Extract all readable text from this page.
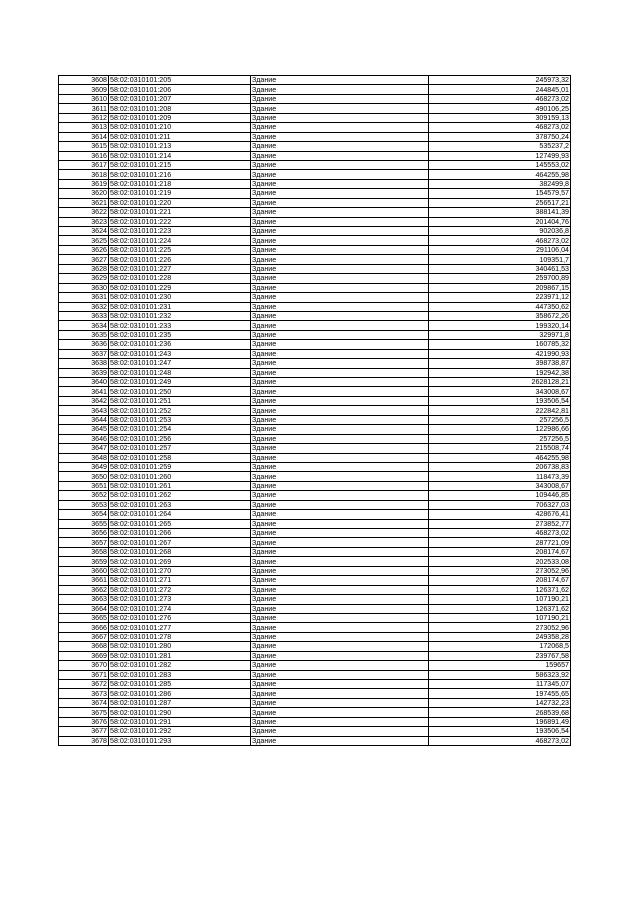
3608	58:02:0310101:205	Здание	245973,32
3609	58:02:0310101:206	Здание	244845,01
3610	58:02:0310101:207	Здание	468273,02
3611	58:02:0310101:208	Здание	490106,25
3612	58:02:0310101:209	Здание	309159,13
3613	58:02:0310101:210	Здание	468273,02
3614	58:02:0310101:211	Здание	378750,24
3615	58:02:0310101:213	Здание	535237,2
3616	58:02:0310101:214	Здание	127499,93
3617	58:02:0310101:215	Здание	145553,02
3618	58:02:0310101:216	Здание	464255,98
3619	58:02:0310101:218	Здание	382499,8
3620	58:02:0310101:219	Здание	154579,57
3621	58:02:0310101:220	Здание	256517,21
3622	58:02:0310101:221	Здание	388141,39
3623	58:02:0310101:222	Здание	201404,76
3624	58:02:0310101:223	Здание	902036,8
3625	58:02:0310101:224	Здание	468273,02
3626	58:02:0310101:225	Здание	291106,04
3627	58:02:0310101:226	Здание	109351,7
3628	58:02:0310101:227	Здание	340461,53
3629	58:02:0310101:228	Здание	259700,89
3630	58:02:0310101:229	Здание	209867,15
3631	58:02:0310101:230	Здание	223971,12
3632	58:02:0310101:231	Здание	447350,62
3633	58:02:0310101:232	Здание	358672,26
3634	58:02:0310101:233	Здание	199320,14
3635	58:02:0310101:235	Здание	329971,8
3636	58:02:0310101:236	Здание	160785,32
3637	58:02:0310101:243	Здание	421990,93
3638	58:02:0310101:247	Здание	398738,87
3639	58:02:0310101:248	Здание	192942,38
3640	58:02:0310101:249	Здание	2628128,21
3641	58:02:0310101:250	Здание	343008,67
3642	58:02:0310101:251	Здание	193506,54
3643	58:02:0310101:252	Здание	222842,81
3644	58:02:0310101:253	Здание	257256,5
3645	58:02:0310101:254	Здание	122986,66
3646	58:02:0310101:256	Здание	257256,5
3647	58:02:0310101:257	Здание	215508,74
3648	58:02:0310101:258	Здание	464255,98
3649	58:02:0310101:259	Здание	206738,83
3650	58:02:0310101:260	Здание	118473,39
3651	58:02:0310101:261	Здание	343008,67
3652	58:02:0310101:262	Здание	109446,85
3653	58:02:0310101:263	Здание	706327,03
3654	58:02:0310101:264	Здание	428676,41
3655	58:02:0310101:265	Здание	273852,77
3656	58:02:0310101:266	Здание	468273,02
3657	58:02:0310101:267	Здание	287721,09
3658	58:02:0310101:268	Здание	208174,67
3659	58:02:0310101:269	Здание	202533,08
3660	58:02:0310101:270	Здание	273052,96
3661	58:02:0310101:271	Здание	208174,67
3662	58:02:0310101:272	Здание	126371,62
3663	58:02:0310101:273	Здание	107190,21
3664	58:02:0310101:274	Здание	126371,62
3665	58:02:0310101:276	Здание	107190,21
3666	58:02:0310101:277	Здание	273052,96
3667	58:02:0310101:278	Здание	249358,28
3668	58:02:0310101:280	Здание	172068,5
3669	58:02:0310101:281	Здание	239767,58
3670	58:02:0310101:282	Здание	159657
3671	58:02:0310101:283	Здание	586323,92
3672	58:02:0310101:285	Здание	117345,07
3673	58:02:0310101:286	Здание	197455,65
3674	58:02:0310101:287	Здание	142732,23
3675	58:02:0310101:290	Здание	268539,68
3676	58:02:0310101:291	Здание	196891,49
3677	58:02:0310101:292	Здание	193506,54
3678	58:02:0310101:293	Здание	468273,02
